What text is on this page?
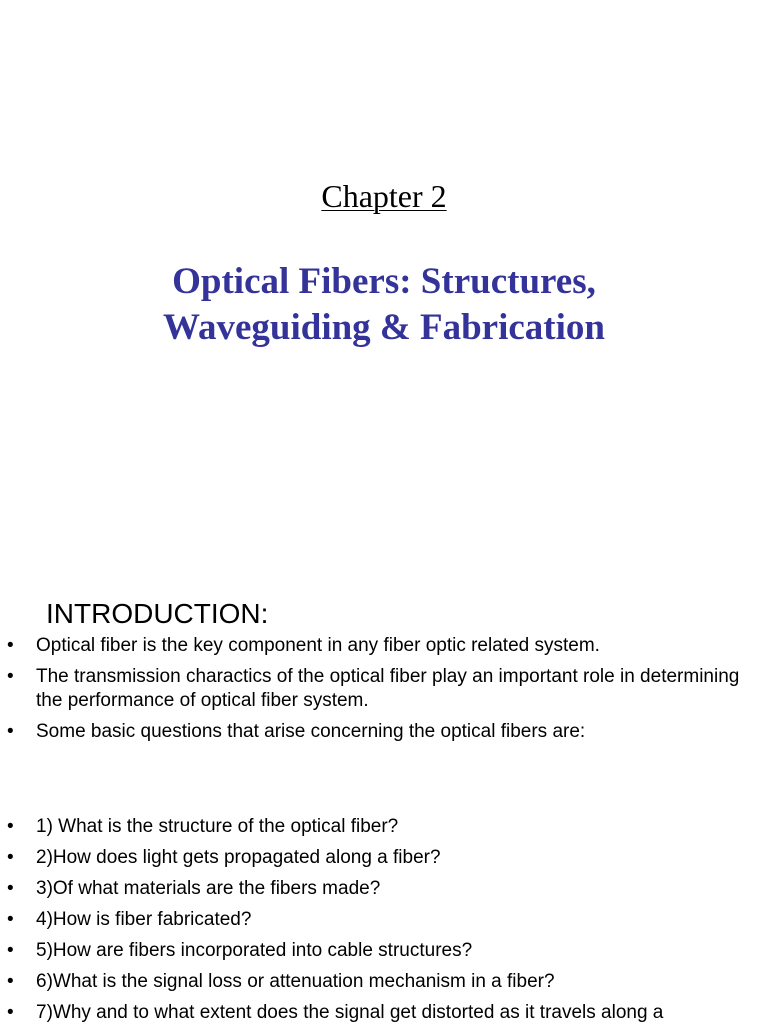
Chapter 2
Optical Fibers: Structures,
Waveguiding & Fabrication
INTRODUCTION:
• Optical fiber is the key component in any fiber optic related system.
• The transmission charactics of the optical fiber play an important role in determining the performance of optical fiber system.
• Some basic questions that arise concerning the optical fibers are:
• 1) What is the structure of the optical fiber?
• 2)How does light gets propagated along a fiber?
• 3)Of what materials are the fibers made?
• 4)How is fiber fabricated?
• 5)How are fibers incorporated into cable structures?
• 6)What is the signal loss or attenuation mechanism in a fiber?
• 7)Why and to what extent does the signal get distorted as it travels along a
